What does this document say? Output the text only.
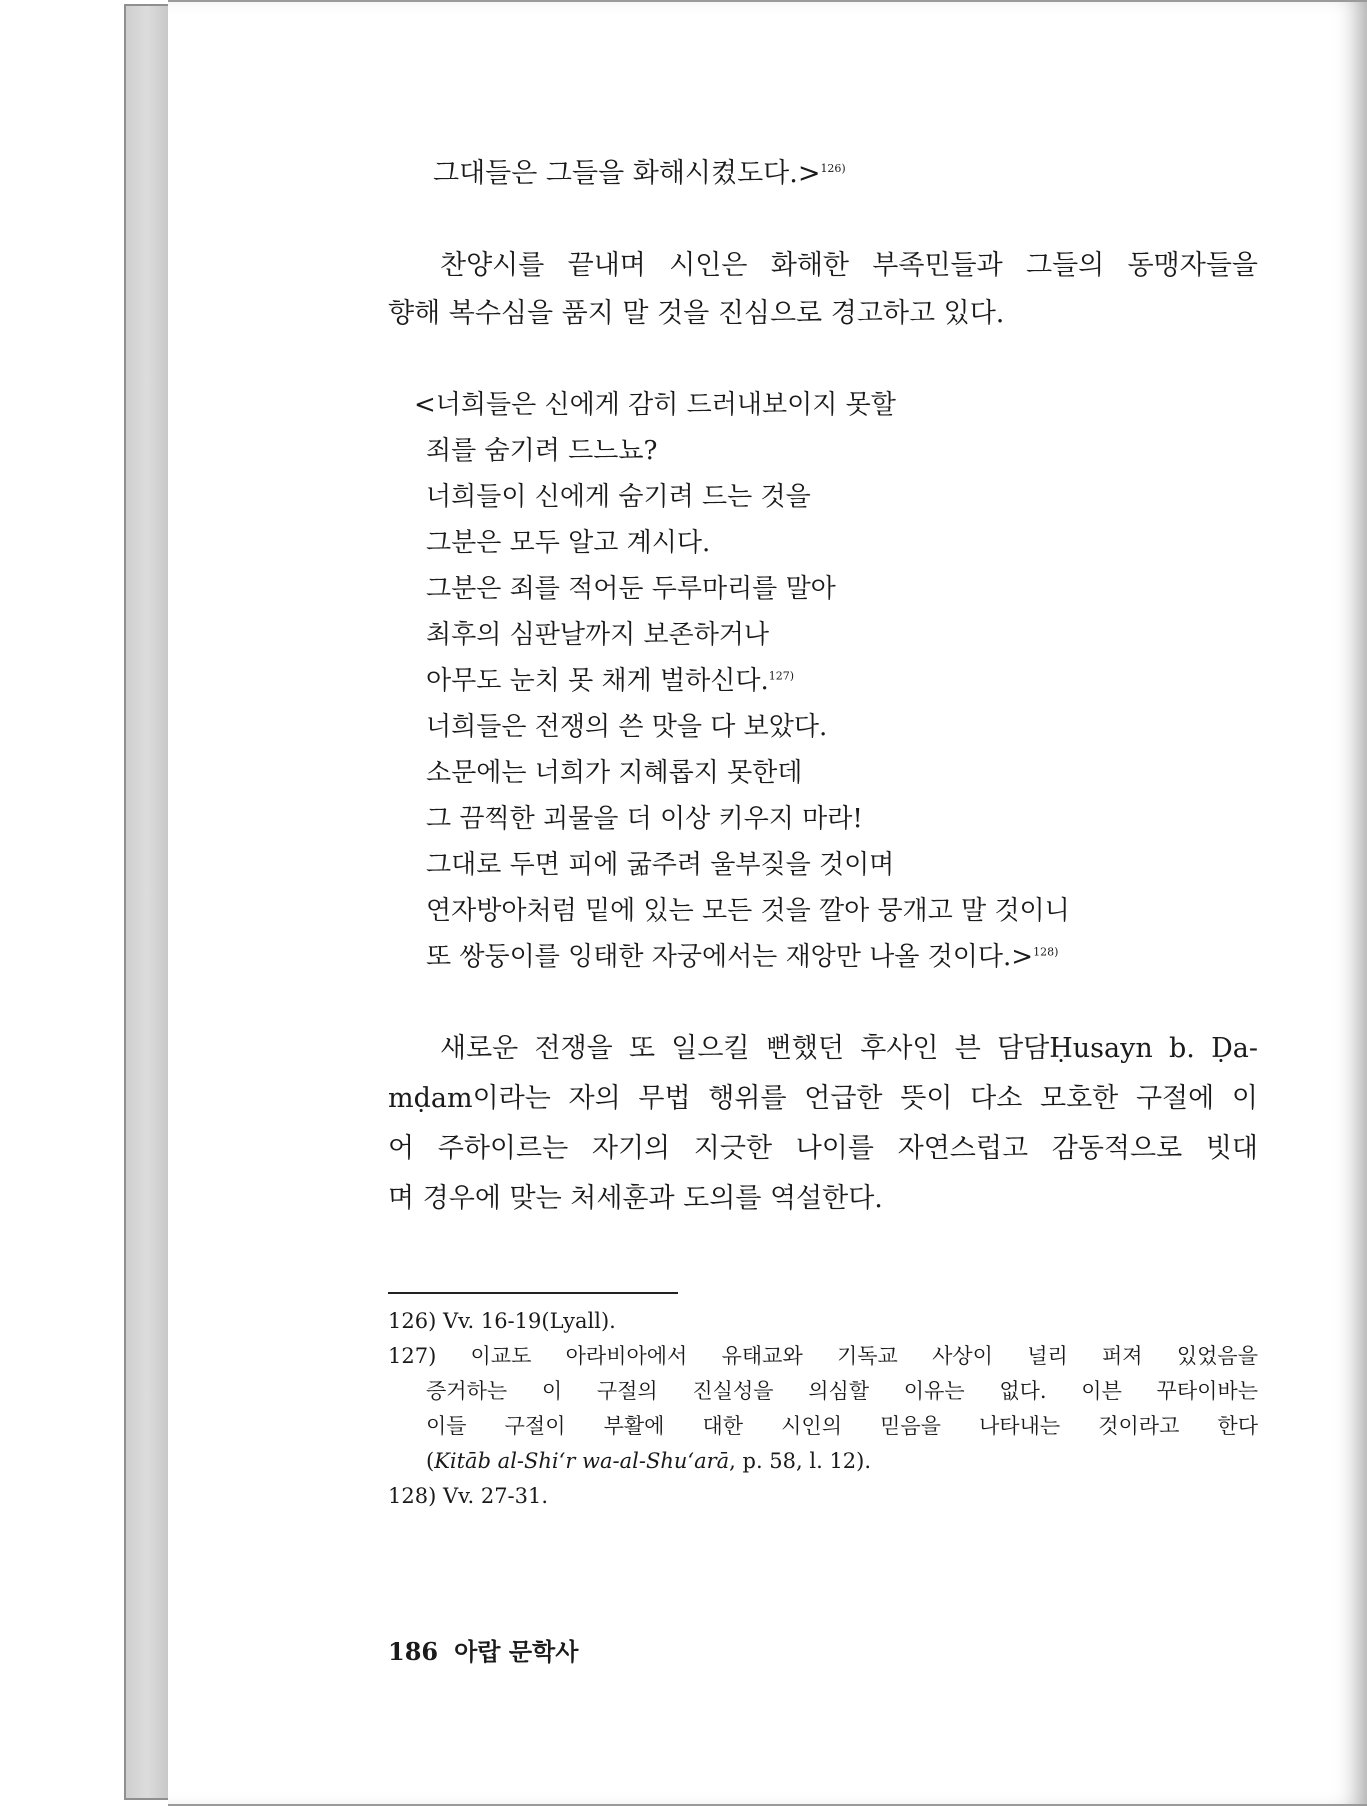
그대들은 그들을 화해시켰도다.>$^{126)}$
찬양시를 끝내며 시인은 화해한 부족민들과 그들의 동맹자들을
향해 복수심을 품지 말 것을 진심으로 경고하고 있다.
<너희들은 신에게 감히 드러내보이지 못할
죄를 숨기려 드느뇨?
너희들이 신에게 숨기려 드는 것을
그분은 모두 알고 계시다.
그분은 죄를 적어둔 두루마리를 말아
최후의 심판날까지 보존하거나
아무도 눈치 못 채게 벌하신다.$^{127)}$
너희들은 전쟁의 쓴 맛을 다 보았다.
소문에는 너희가 지혜롭지 못한데
그 끔찍한 괴물을 더 이상 키우지 마라!
그대로 두면 피에 굶주려 울부짖을 것이며
연자방아처럼 밑에 있는 모든 것을 깔아 뭉개고 말 것이니
또 쌍둥이를 잉태한 자궁에서는 재앙만 나올 것이다.>$^{128)}$
새로운 전쟁을 또 일으킬 뻔했던 후사인 븐 담담Ḥusayn b. Ḍa-
mḍam이라는 자의 무법 행위를 언급한 뜻이 다소 모호한 구절에 이
어 주하이르는 자기의 지긋한 나이를 자연스럽고 감동적으로 빗대
며 경우에 맞는 처세훈과 도의를 역설한다.
126) Vv. 16-19(Lyall).
127) 이교도 아라비아에서 유태교와 기독교 사상이 널리 퍼져 있었음을
증거하는 이 구절의 진실성을 의심할 이유는 없다. 이븐 꾸타이바는
이들 구절이 부활에 대한 시인의 믿음을 나타내는 것이라고 한다
(Kitāb al-Shi‘r wa-al-Shu‘arā, p. 58, l. 12).
128) Vv. 27-31.
186 아랍 문학사
